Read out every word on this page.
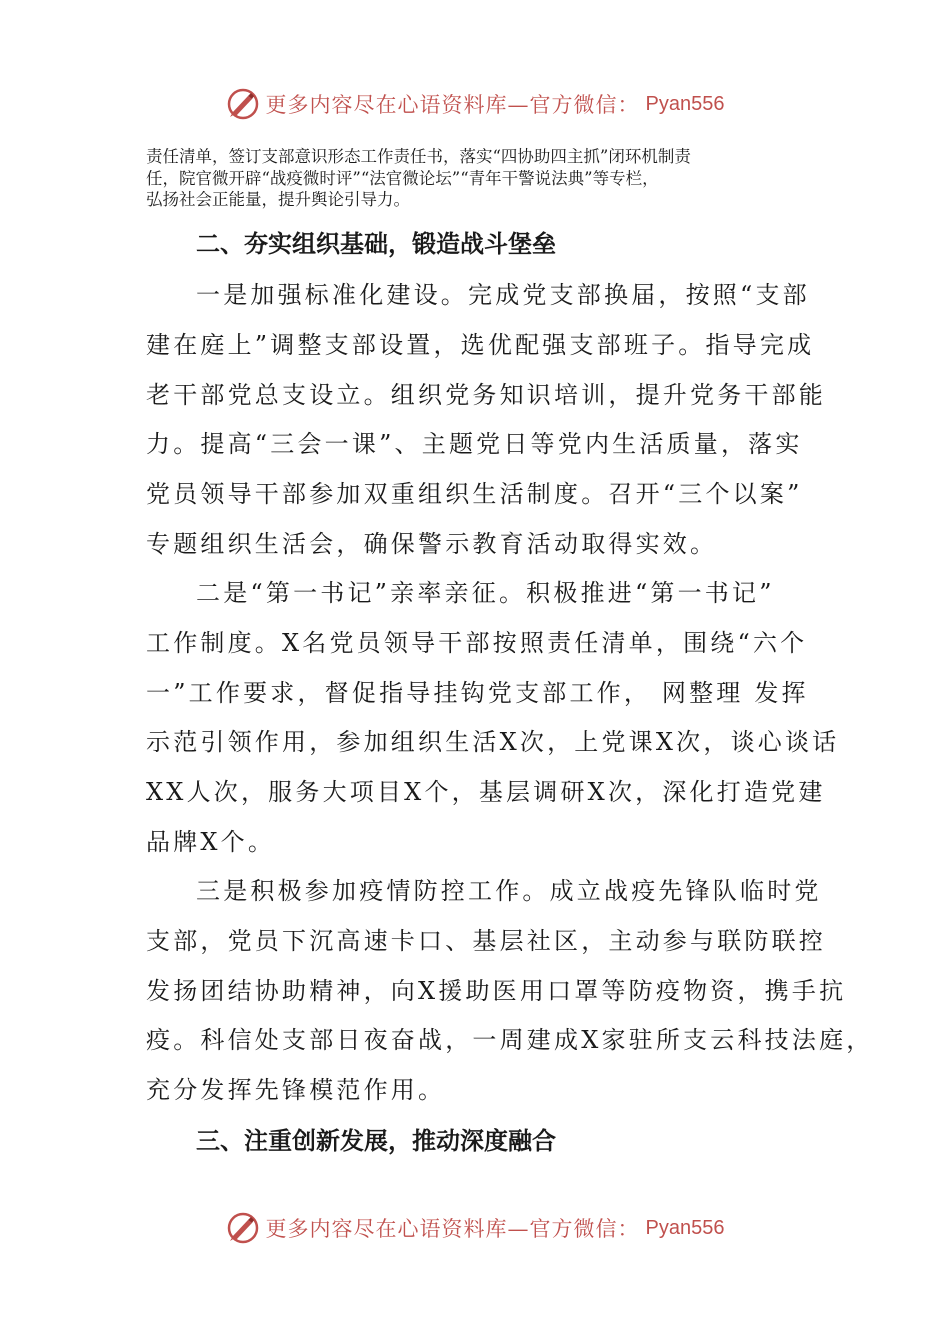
更多内容尽在心语资料库—官方微信： Pyan556
责任清单，签订支部意识形态工作责任书，落实“四协助四主抓”闭环机制责
任，院官微开辟“战疫微时评”“法官微论坛”“青年干警说法典”等专栏，
弘扬社会正能量，提升舆论引导力。
二、夯实组织基础，锻造战斗堡垒
一是加强标准化建设。完成党支部换届，按照“支部
建在庭上”调整支部设置，选优配强支部班子。指导完成
老干部党总支设立。组织党务知识培训，提升党务干部能
力。提高“三会一课”、主题党日等党内生活质量，落实
党员领导干部参加双重组织生活制度。召开“三个以案”
专题组织生活会，确保警示教育活动取得实效。
二是“第一书记”亲率亲征。积极推进“第一书记”
工作制度。X名党员领导干部按照责任清单，围绕“六个
一”工作要求，督促指导挂钩党支部工作， 网整理 发挥
示范引领作用，参加组织生活X次，上党课X次，谈心谈话
XX人次，服务大项目X个，基层调研X次，深化打造党建
品牌X个。
三是积极参加疫情防控工作。成立战疫先锋队临时党
支部，党员下沉高速卡口、基层社区，主动参与联防联控
发扬团结协助精神，向X援助医用口罩等防疫物资，携手抗
疫。科信处支部日夜奋战，一周建成X家驻所支云科技法庭，
充分发挥先锋模范作用。
三、注重创新发展，推动深度融合
更多内容尽在心语资料库—官方微信： Pyan556
